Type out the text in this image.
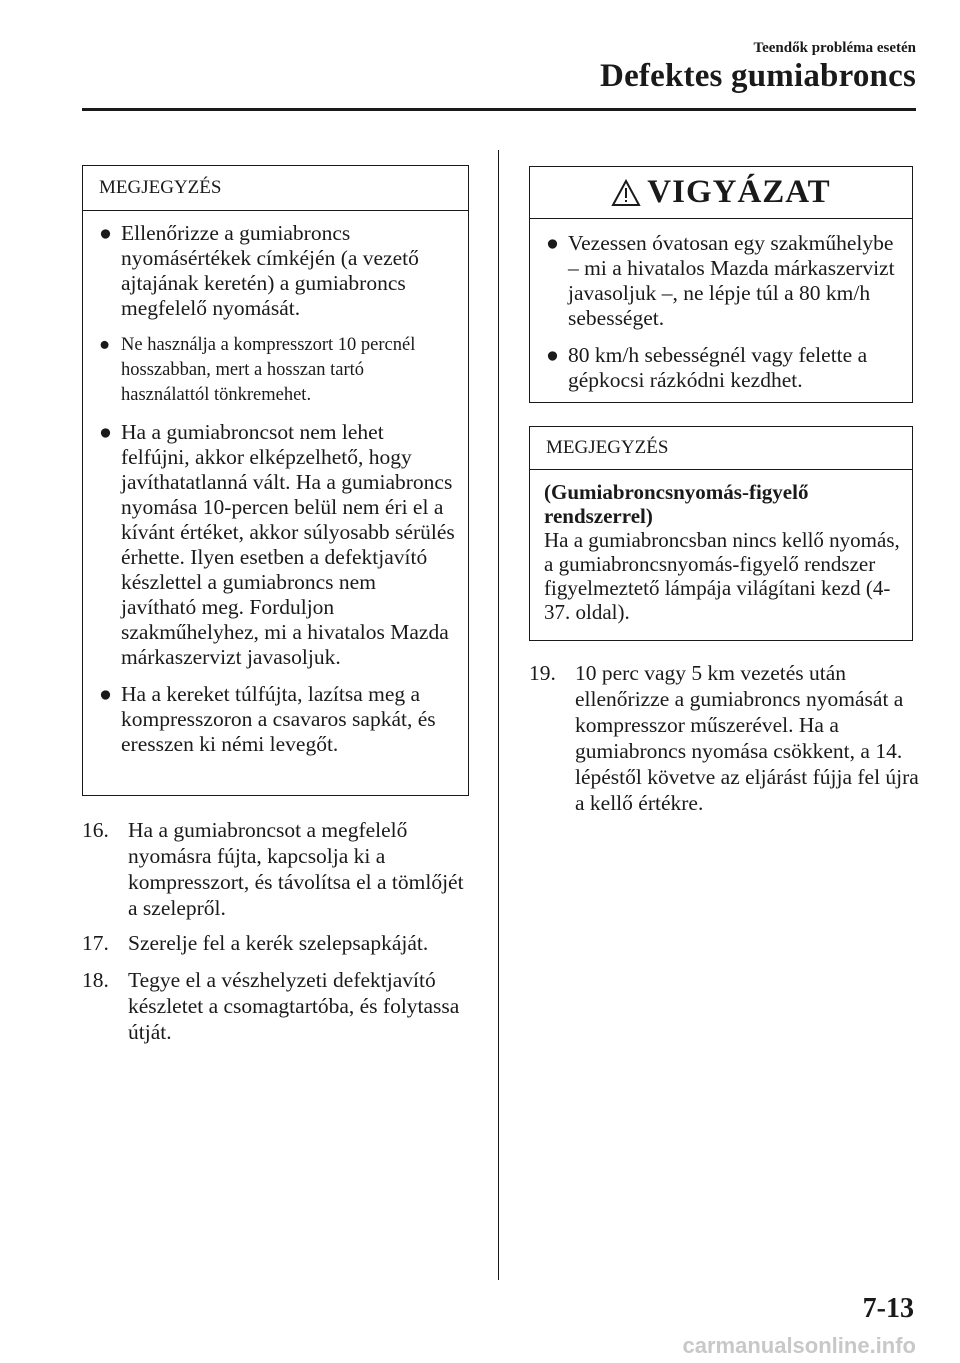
Teendők probléma esetén
Defektes gumiabroncs
MEGJEGYZÉS
● Ellenőrizze a gumiabroncs nyomásértékek címkéjén (a vezető ajtajának keretén) a gumiabroncs megfelelő nyomását.
● Ne használja a kompresszort 10 percnél hosszabban, mert a hosszan tartó használattól tönkremehet.
● Ha a gumiabroncsot nem lehet felfújni, akkor elképzelhető, hogy javíthatatlanná vált. Ha a gumiabroncs nyomása 10-percen belül nem éri el a kívánt értéket, akkor súlyosabb sérülés érhette. Ilyen esetben a defektjavító készlettel a gumiabroncs nem javítható meg. Forduljon szakműhelyhez, mi a hivatalos Mazda márkaszervizt javasoljuk.
● Ha a kereket túlfújta, lazítsa meg a kompresszoron a csavaros sapkát, és eresszen ki némi levegőt.
16. Ha a gumiabroncsot a megfelelő nyomásra fújta, kapcsolja ki a kompresszort, és távolítsa el a tömlőjét a szelepről.
17. Szerelje fel a kerék szelepsapkáját.
18. Tegye el a vészhelyzeti defektjavító készletet a csomagtartóba, és folytassa útját.
VIGYÁZAT
● Vezessen óvatosan egy szakműhelybe – mi a hivatalos Mazda márkaszervizt javasoljuk –, ne lépje túl a 80 km/h sebességet.
● 80 km/h sebességnél vagy felette a gépkocsi rázkódni kezdhet.
MEGJEGYZÉS
(Gumiabroncsnyomás-figyelő rendszerrel)
Ha a gumiabroncsban nincs kellő nyomás, a gumiabroncsnyomás-figyelő rendszer figyelmeztető lámpája világítani kezd (4-37. oldal).
19. 10 perc vagy 5 km vezetés után ellenőrizze a gumiabroncs nyomását a kompresszor műszerével. Ha a gumiabroncs nyomása csökkent, a 14. lépéstől követve az eljárást fújja fel újra a kellő értékre.
7-13
carmanualsonline.info
